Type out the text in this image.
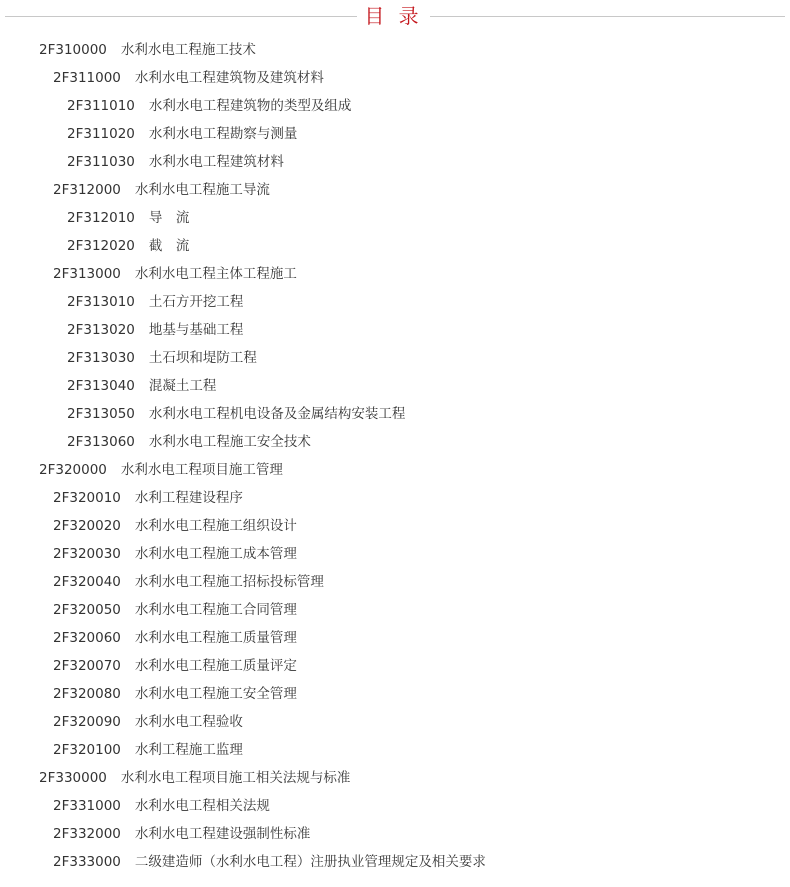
目 录
2F310000 水利水电工程施工技术
2F311000 水利水电工程建筑物及建筑材料
2F311010 水利水电工程建筑物的类型及组成
2F311020 水利水电工程勘察与测量
2F311030 水利水电工程建筑材料
2F312000 水利水电工程施工导流
2F312010 导　流
2F312020 截　流
2F313000 水利水电工程主体工程施工
2F313010 土石方开挖工程
2F313020 地基与基础工程
2F313030 土石坝和堤防工程
2F313040 混凝土工程
2F313050 水利水电工程机电设备及金属结构安装工程
2F313060 水利水电工程施工安全技术
2F320000 水利水电工程项目施工管理
2F320010 水利工程建设程序
2F320020 水利水电工程施工组织设计
2F320030 水利水电工程施工成本管理
2F320040 水利水电工程施工招标投标管理
2F320050 水利水电工程施工合同管理
2F320060 水利水电工程施工质量管理
2F320070 水利水电工程施工质量评定
2F320080 水利水电工程施工安全管理
2F320090 水利水电工程验收
2F320100 水利工程施工监理
2F330000 水利水电工程项目施工相关法规与标准
2F331000 水利水电工程相关法规
2F332000 水利水电工程建设强制性标准
2F333000 二级建造师（水利水电工程）注册执业管理规定及相关要求
